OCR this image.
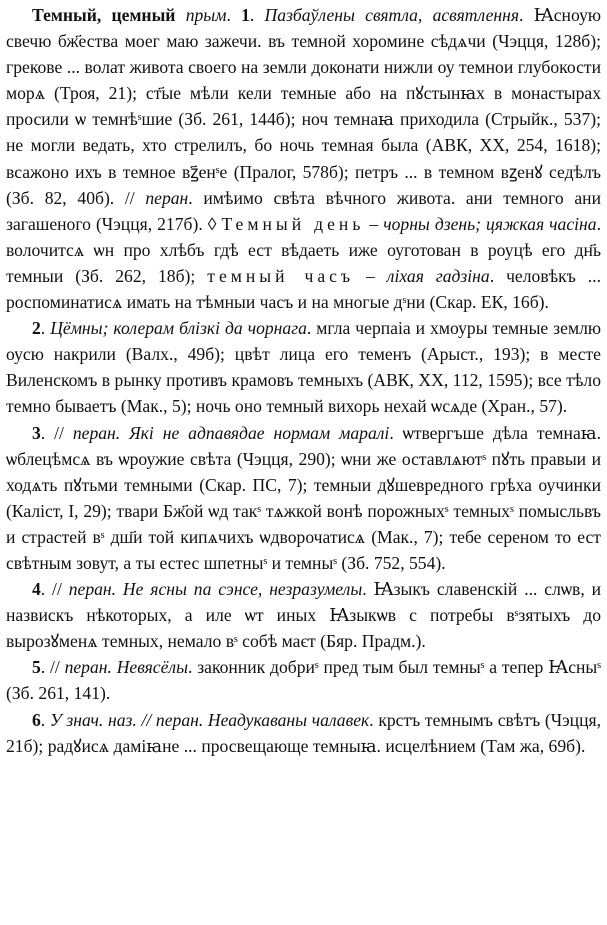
Темный, цемный прым. 1. Пазбаўлены святла, асвятлення. Ꙗсноую свечю бж҃ества моег маю зажечи. въ темной хоромине сѣдѧчи (Чэцця, 128б); грекове ... волат живота своего на земли доконати нижли оу темнои глубокости морѧ (Троя, 21); ст҃ые мѣли кели темные або на пꙋстынꙗх в монастырах просили ѡ темнѣˢшие (Зб. 261, 144б); ноч темнаꙗ приходила (Стрыйк., 537); не могли ведать, хто стрелилъ, бо ночь темная была (АВК, ХХ, 254, 1618); всажоно ихъ в темное вꙁ҃енˢе (Пралог, 578б); петръ ... в темном вꙁенꙋ седѣлъ (Зб. 82, 40б). // перан. имѣимо свѣта вѣчного живота. ани темного ани загашеного (Чэцця, 217б). ◊ Темный день – чорны дзень; цяжкая часіна. волочитсѧ ѡн про хлѣбъ гдѣ ест вѣдаеть иже оуготован в роуцѣ его дн҃ь темныи (Зб. 262, 18б); темный часъ – ліхая гадзіна. человѣкъ ... роспоминатисѧ имать на тѣмныи часъ и на многые дˢни (Скар. ЕК, 16б).

2. Цёмны; колерам блізкі да чорнага. мгла черпаіа и хмоуры темные землю оусю накрили (Валх., 49б); цвѣт лица его теменъ (Арыст., 193); в месте Виленскомъ в рынку противъ крамовъ темныхъ (АВК, ХХ, 112, 1595); все тѣло темно бываетъ (Мак., 5); ночь оно темный вихорь нехай ѡсѧде (Хран., 57).

3. // перан. Які не адпавядае нормам маралі. ѡтвергъше дѣла темнаꙗ. ѡблецѣмсѧ въ ѡроужие свѣта (Чэцця, 290); ѡни же оставлѧютˢ пꙋть правыи и ходѧть пꙋтьми темными (Скар. ПС, 7); темныи дꙋшевредного грѣха оучинки (Каліст, I, 29); твари Бж҃ой ѡд такˢ тѧжкой вонѣ порожныхˢ темныхˢ помысльвъ и страстей вˢ дш҃и той кипѧчихъ ѡдворочатисѧ (Мак., 7); тебе сереном то ест свѣтным зовут, а ты естес шпетныˢ и темныˢ (Зб. 752, 554).

4. // перан. Не ясны па сэнсе, незразумелы. Ꙗзыкъ славенскій ... слѡв, и назвискъ нѣкоторых, а иле ѡт иных Ꙗзыкѡв с потребы вˢзятыхъ до вырозꙋменѧ темных, немало вˢ собѣ маєт (Бяр. Прадм.).

5. // перан. Невясёлы. законник добриˢ пред тым был темныˢ а тепер Ꙗсныˢ (Зб. 261, 141).

6. У знач. наз. // перан. Неадукаваны чалавек. крстъ темнымъ свѣтъ (Чэцця, 21б); радꙋисѧ даміꙗне ... просвещающе темныꙗ. исцелѣнием (Там жа, 69б).
